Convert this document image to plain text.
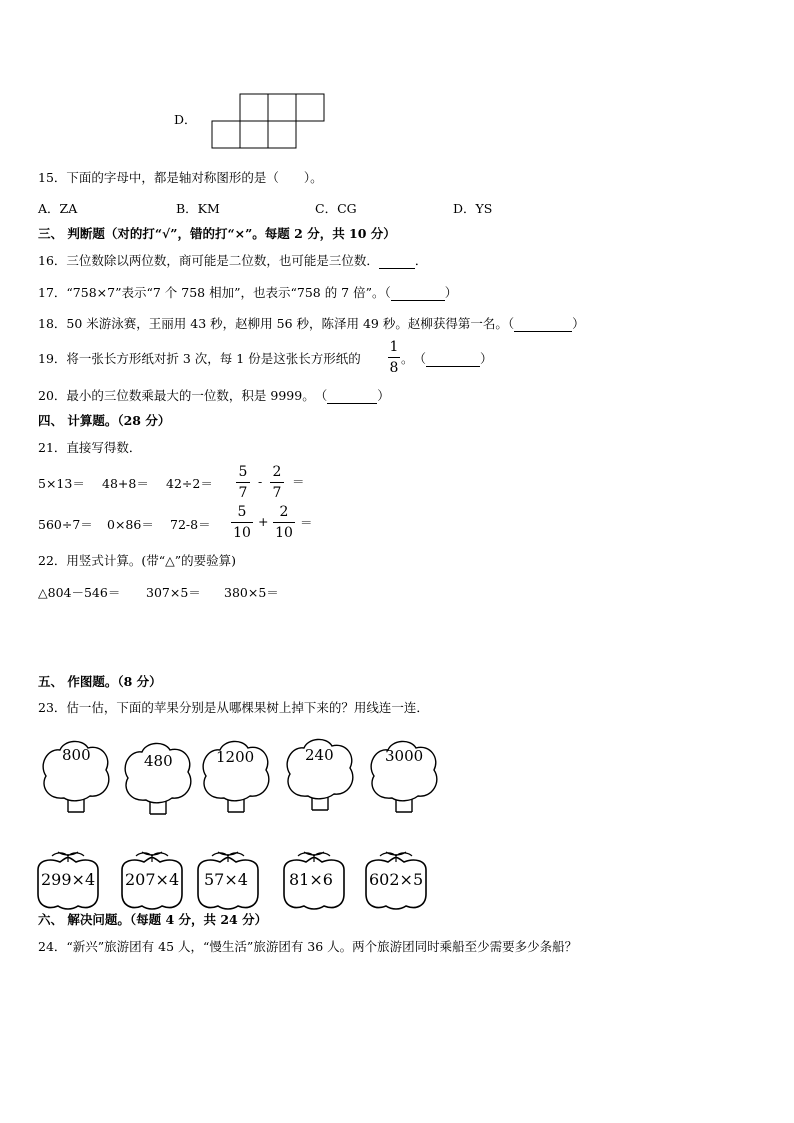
D．
15．下面的字母中，都是轴对称图形的是（　　）。
A．ZA	B．KM	C．CG	D．YS
三、 判断题（对的打“√”，错的打“×”。每题 2 分，共 10 分）
16．三位数除以两位数，商可能是二位数，也可能是三位数．	．
17．“758×7”表示“7 个 758 相加”，也表示“758 的 7 倍”。（	）
18．50 米游泳赛，王丽用 43 秒，赵柳用 56 秒，陈泽用 49 秒。赵柳获得第一名。（	）
19．将一张长方形纸对折 3 次，每 1 份是这张长方形纸的
1
8
。　（	）
20．最小的三位数乘最大的一位数，积是 9999。　（	）
四、 计算题。（28 分）
21．直接写得数．
5×13＝ 48+8＝ 42÷2＝
5
7
-
2
7
＝
560÷7＝ 0×86＝ 72-8＝
5
10
+
2
10
＝
22．用竖式计算。(带“△”的要验算)
△804－546＝ 307×5＝ 380×5＝
五、 作图题。（8 分）
23．估一估，下面的苹果分别是从哪棵果树上掉下来的？用线连一连．
800	480	1200	240	3000
299×4 207×4 57×4	81×6 602×5
六、 解决问题。（每题 4 分，共 24 分）
24．“新兴”旅游团有 45 人，“慢生活”旅游团有 36 人。两个旅游团同时乘船至少需要多少条船？
